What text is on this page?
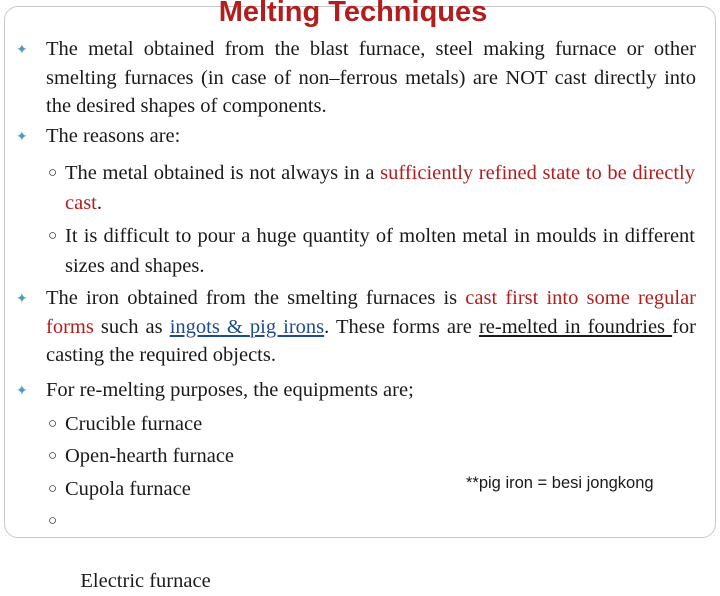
Melting Techniques
✦ The metal obtained from the blast furnace, steel making furnace or other smelting furnaces (in case of non–ferrous metals) are NOT cast directly into the desired shapes of components.
✦ The reasons are:
○ The metal obtained is not always in a sufficiently refined state to be directly cast.
○ It is difficult to pour a huge quantity of molten metal in moulds in different sizes and shapes.
✦ The iron obtained from the smelting furnaces is cast first into some regular forms such as ingots & pig irons. These forms are re-melted in foundries for casting the required objects.
✦ For re-melting purposes, the equipments are;
○ Crucible furnace
○ Open-hearth furnace
○ Cupola furnace

○

Electric furnace

**pig iron = besi jongkong
